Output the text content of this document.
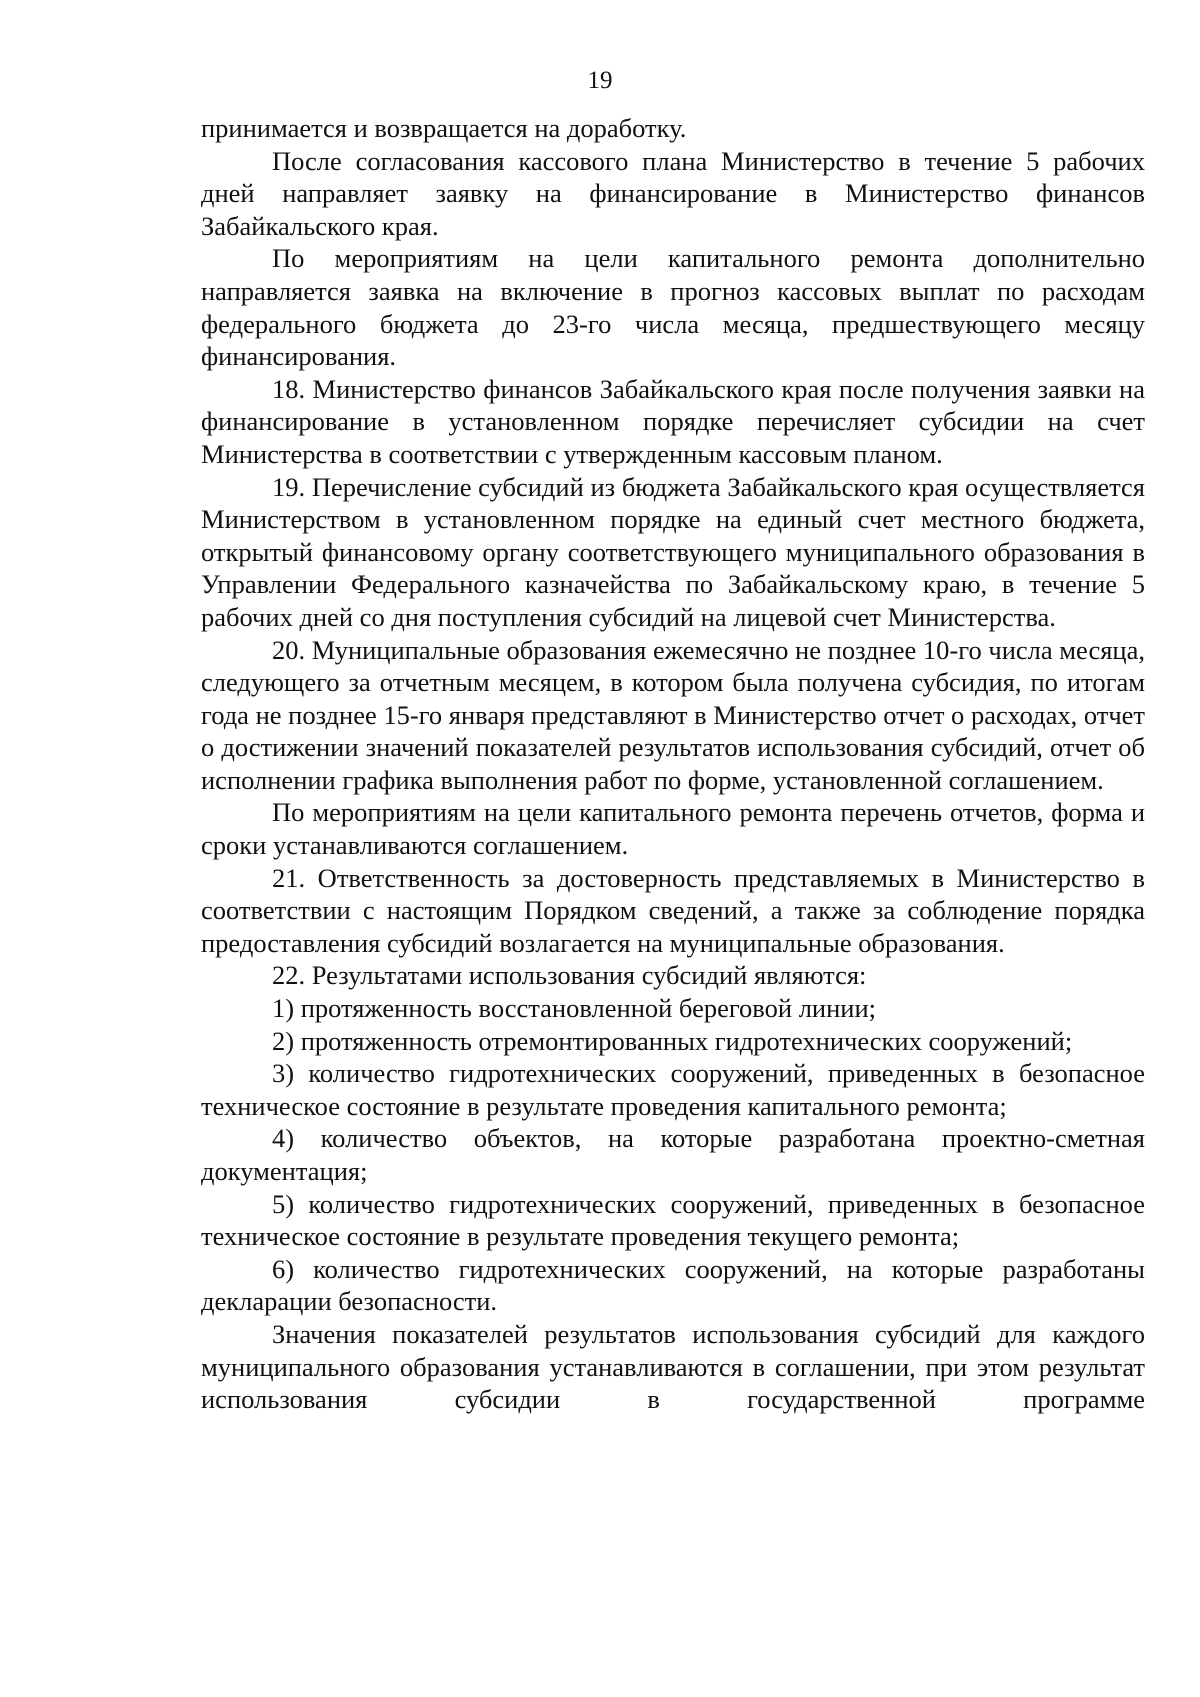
19

принимается и возвращается на доработку.

После согласования кассового плана Министерство в течение 5 рабочих дней направляет заявку на финансирование в Министерство финансов Забайкальского края.

По мероприятиям на цели капитального ремонта дополнительно направляется заявка на включение в прогноз кассовых выплат по расходам федерального бюджета до 23-го числа месяца, предшествующего месяцу финансирования.

18. Министерство финансов Забайкальского края после получения заявки на финансирование в установленном порядке перечисляет субсидии на счет Министерства в соответствии с утвержденным кассовым планом.

19. Перечисление субсидий из бюджета Забайкальского края осуществляется Министерством в установленном порядке на единый счет местного бюджета, открытый финансовому органу соответствующего муниципального образования в Управлении Федерального казначейства по Забайкальскому краю, в течение 5 рабочих дней со дня поступления субсидий на лицевой счет Министерства.

20. Муниципальные образования ежемесячно не позднее 10-го числа месяца, следующего за отчетным месяцем, в котором была получена субсидия, по итогам года не позднее 15-го января представляют в Министерство отчет о расходах, отчет о достижении значений показателей результатов использования субсидий, отчет об исполнении графика выполнения работ по форме, установленной соглашением.

По мероприятиям на цели капитального ремонта перечень отчетов, форма и сроки устанавливаются соглашением.

21. Ответственность за достоверность представляемых в Министерство в соответствии с настоящим Порядком сведений, а также за соблюдение порядка предоставления субсидий возлагается на муниципальные образования.

22. Результатами использования субсидий являются:

1) протяженность восстановленной береговой линии;

2) протяженность отремонтированных гидротехнических сооружений;

3) количество гидротехнических сооружений, приведенных в безопасное техническое состояние в результате проведения капитального ремонта;

4) количество объектов, на которые разработана проектно-сметная документация;

5) количество гидротехнических сооружений, приведенных в безопасное техническое состояние в результате проведения текущего ремонта;

6) количество гидротехнических сооружений, на которые разработаны декларации безопасности.

Значения показателей результатов использования субсидий для каждого муниципального образования устанавливаются в соглашении, при этом результат использования субсидии в государственной программе
